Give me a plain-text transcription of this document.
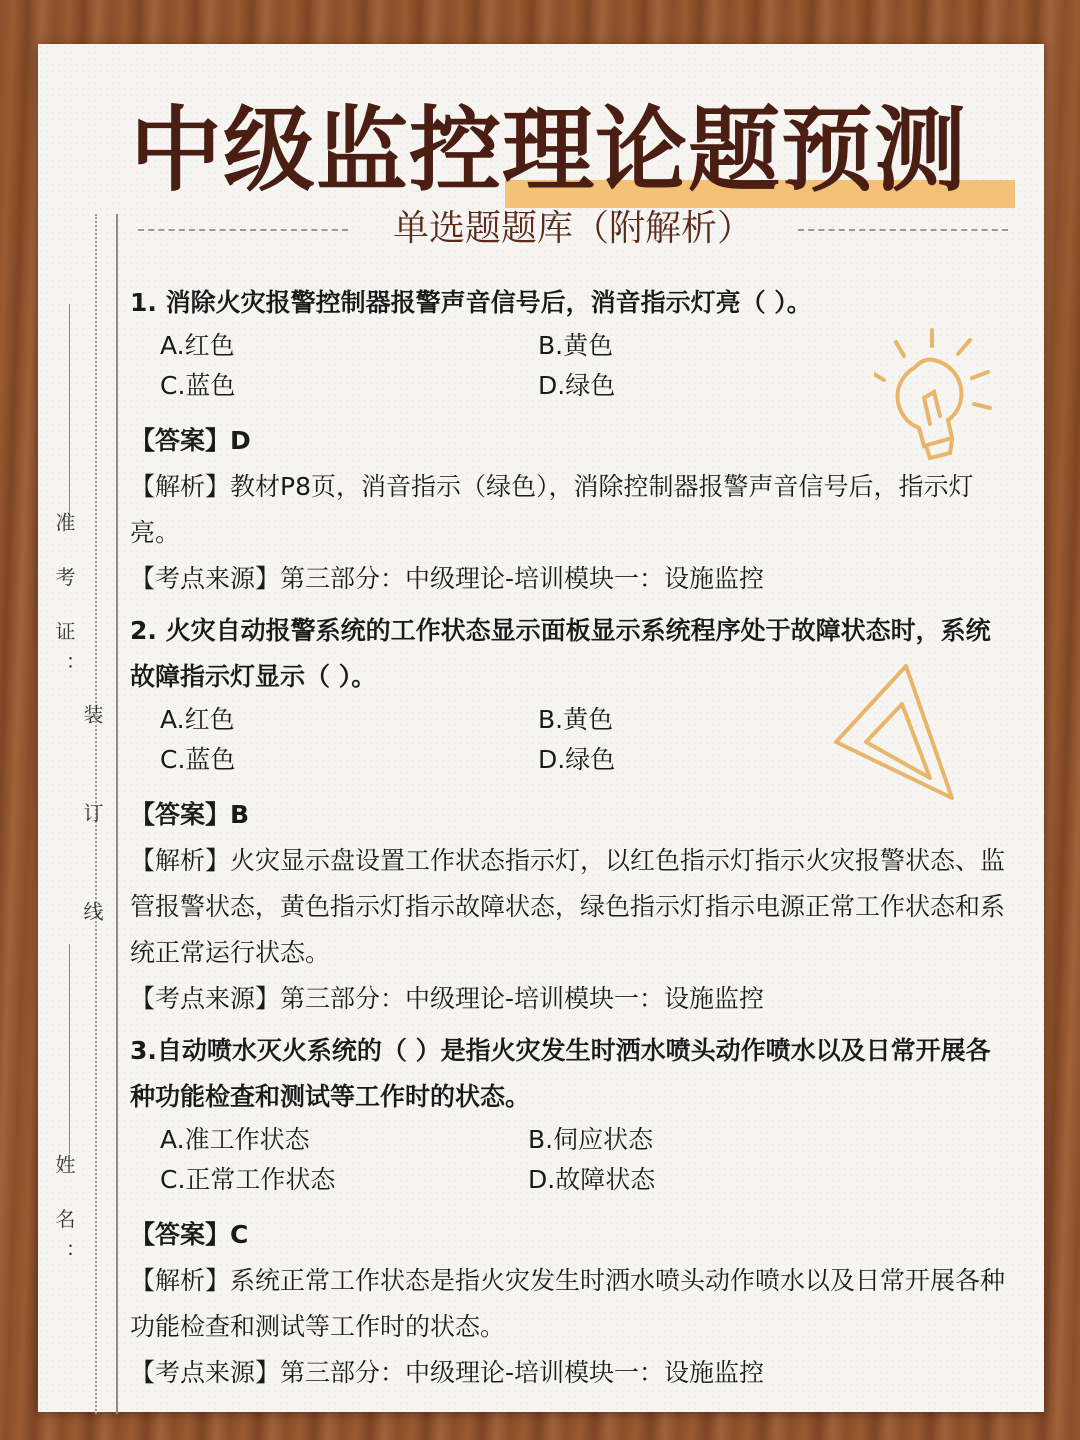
中级监控理论题预测
单选题题库（附解析）
准 考 证：
装 订 线
姓 名：

1. 消除火灾报警控制器报警声音信号后，消音指示灯亮（ ）。

A.红色	B.黄色
C.蓝色	D.绿色

【答案】D

【解析】教材P8页，消音指示（绿色），消除控制器报警声音信号后，指示灯亮。

【考点来源】第三部分：中级理论-培训模块一：设施监控

2. 火灾自动报警系统的工作状态显示面板显示系统程序处于故障状态时，系统故障指示灯显示（ ）。

A.红色	B.黄色
C.蓝色	D.绿色

【答案】B

【解析】火灾显示盘设置工作状态指示灯，以红色指示灯指示火灾报警状态、监管报警状态，黄色指示灯指示故障状态，绿色指示灯指示电源正常工作状态和系统正常运行状态。

【考点来源】第三部分：中级理论-培训模块一：设施监控

3.自动喷水灭火系统的（ ）是指火灾发生时洒水喷头动作喷水以及日常开展各种功能检查和测试等工作时的状态。

A.准工作状态	B.伺应状态
C.正常工作状态	D.故障状态

【答案】C

【解析】系统正常工作状态是指火灾发生时洒水喷头动作喷水以及日常开展各种功能检查和测试等工作时的状态。

【考点来源】第三部分：中级理论-培训模块一：设施监控
